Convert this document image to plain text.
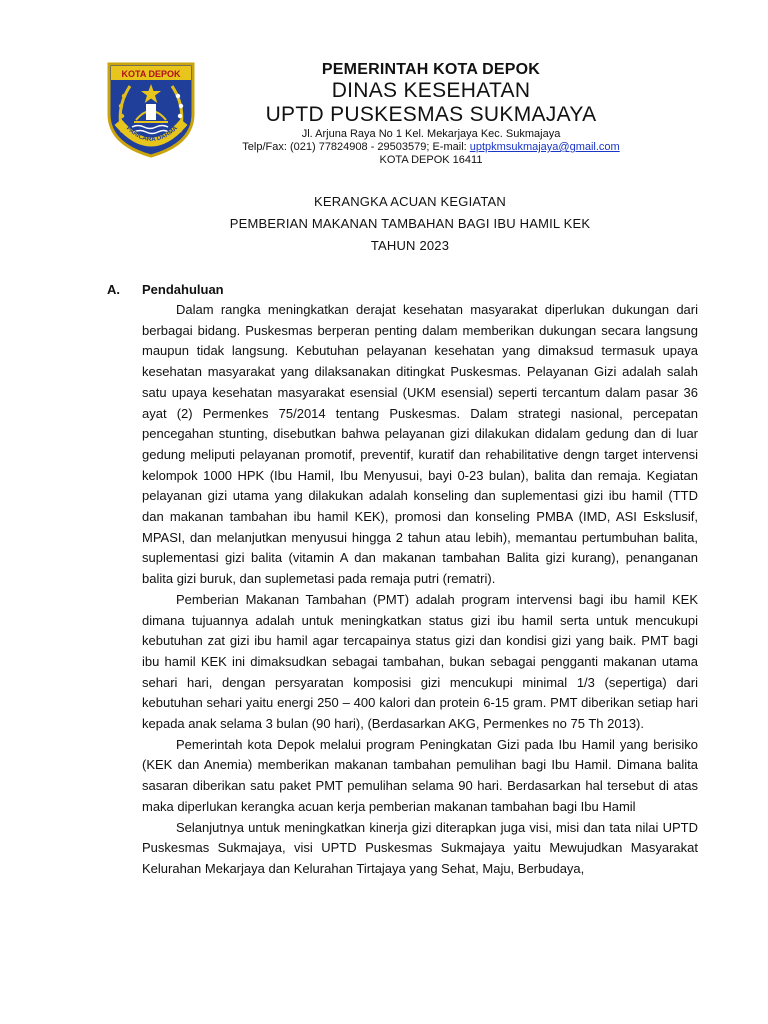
KOTA DEPOK
PARICARA DARMA
PEMERINTAH KOTA DEPOK
DINAS KESEHATAN
UPTD PUSKESMAS SUKMAJAYA
Jl. Arjuna Raya No 1 Kel. Mekarjaya Kec. Sukmajaya
Telp/Fax: (021) 77824908 - 29503579; E-mail: uptpkmsukmajaya@gmail.com
KOTA DEPOK 16411
KERANGKA ACUAN KEGIATAN
PEMBERIAN MAKANAN TAMBAHAN BAGI IBU HAMIL KEK
TAHUN 2023
A. Pendahuluan

Dalam rangka meningkatkan derajat kesehatan masyarakat diperlukan dukungan dari berbagai bidang. Puskesmas berperan penting dalam memberikan dukungan secara langsung maupun tidak langsung. Kebutuhan pelayanan kesehatan yang dimaksud termasuk upaya kesehatan masyarakat yang dilaksanakan ditingkat Puskesmas. Pelayanan Gizi adalah salah satu upaya kesehatan masyarakat esensial (UKM esensial) seperti tercantum dalam pasar 36 ayat (2) Permenkes 75/2014 tentang Puskesmas. Dalam strategi nasional, percepatan pencegahan stunting, disebutkan bahwa pelayanan gizi dilakukan didalam gedung dan di luar gedung meliputi pelayanan promotif, preventif, kuratif dan rehabilitative dengn target intervensi kelompok 1000 HPK (Ibu Hamil, Ibu Menyusui, bayi 0-23 bulan), balita dan remaja. Kegiatan pelayanan gizi utama yang dilakukan adalah konseling dan suplementasi gizi ibu hamil (TTD dan makanan tambahan ibu hamil KEK), promosi dan konseling PMBA (IMD, ASI Eskslusif, MPASI, dan melanjutkan menyusui hingga 2 tahun atau lebih), memantau pertumbuhan balita, suplementasi gizi balita (vitamin A dan makanan tambahan Balita gizi kurang), penanganan balita gizi buruk, dan suplemetasi pada remaja putri (rematri).

Pemberian Makanan Tambahan (PMT) adalah program intervensi bagi ibu hamil KEK dimana tujuannya adalah untuk meningkatkan status gizi ibu hamil serta untuk mencukupi kebutuhan zat gizi ibu hamil agar tercapainya status gizi dan kondisi gizi yang baik. PMT bagi ibu hamil KEK ini dimaksudkan sebagai tambahan, bukan sebagai pengganti makanan utama sehari hari, dengan persyaratan komposisi gizi mencukupi minimal 1/3 (sepertiga) dari kebutuhan sehari yaitu energi 250 – 400 kalori dan protein 6-15 gram. PMT diberikan setiap hari kepada anak selama 3 bulan (90 hari), (Berdasarkan AKG, Permenkes no 75 Th 2013).

Pemerintah kota Depok melalui program Peningkatan Gizi pada Ibu Hamil yang berisiko (KEK dan Anemia) memberikan makanan tambahan pemulihan bagi Ibu Hamil. Dimana balita sasaran diberikan satu paket PMT pemulihan selama 90 hari. Berdasarkan hal tersebut di atas maka diperlukan kerangka acuan kerja pemberian makanan tambahan bagi Ibu Hamil

Selanjutnya untuk meningkatkan kinerja gizi diterapkan juga visi, misi dan tata nilai UPTD Puskesmas Sukmajaya, visi UPTD Puskesmas Sukmajaya yaitu Mewujudkan Masyarakat Kelurahan Mekarjaya dan Kelurahan Tirtajaya yang Sehat, Maju, Berbudaya,
